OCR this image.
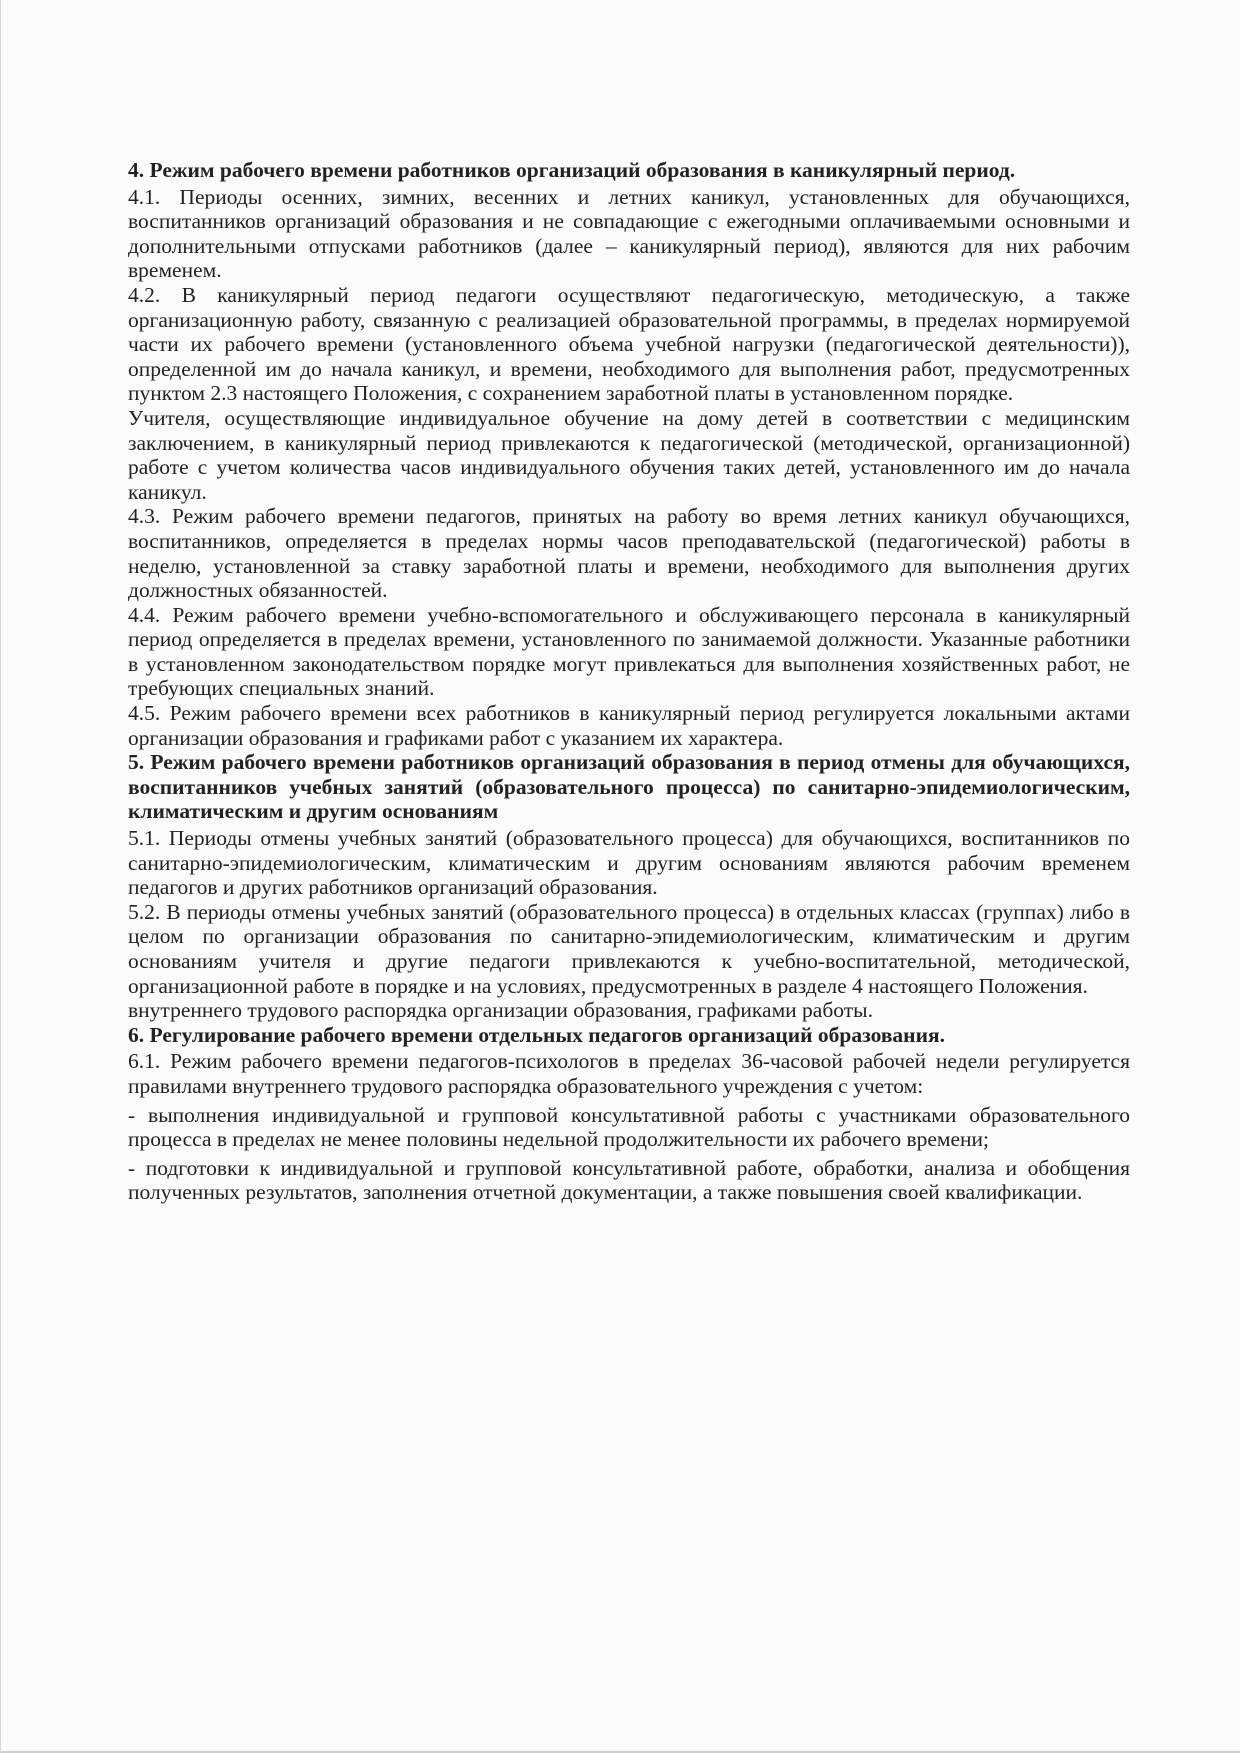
4. Режим рабочего времени работников организаций образования в каникулярный период.

4.1. Периоды осенних, зимних, весенних и летних каникул, установленных для обучающихся, воспитанников организаций образования и не совпадающие с ежегодными оплачиваемыми основными и дополнительными отпусками работников (далее – каникулярный период), являются для них рабочим временем.

4.2. В каникулярный период педагоги осуществляют педагогическую, методическую, а также организационную работу, связанную с реализацией образовательной программы, в пределах нормируемой части их рабочего времени (установленного объема учебной нагрузки (педагогической деятельности)), определенной им до начала каникул, и времени, необходимого для выполнения работ, предусмотренных пунктом 2.3 настоящего Положения, с сохранением заработной платы в установленном порядке.

Учителя, осуществляющие индивидуальное обучение на дому детей в соответствии с медицинским заключением, в каникулярный период привлекаются к педагогической (методической, организационной) работе с учетом количества часов индивидуального обучения таких детей, установленного им до начала каникул.

4.3. Режим рабочего времени педагогов, принятых на работу во время летних каникул обучающихся, воспитанников, определяется в пределах нормы часов преподавательской (педагогической) работы в неделю, установленной за ставку заработной платы и времени, необходимого для выполнения других должностных обязанностей.

4.4. Режим рабочего времени учебно-вспомогательного и обслуживающего персонала в каникулярный период определяется в пределах времени, установленного по занимаемой должности. Указанные работники в установленном законодательством порядке могут привлекаться для выполнения хозяйственных работ, не требующих специальных знаний.

4.5. Режим рабочего времени всех работников в каникулярный период регулируется локальными актами организации образования и графиками работ с указанием их характера.

5. Режим рабочего времени работников организаций образования в период отмены для обучающихся, воспитанников учебных занятий (образовательного процесса) по санитарно-эпидемиологическим, климатическим и другим основаниям

5.1. Периоды отмены учебных занятий (образовательного процесса) для обучающихся, воспитанников по санитарно-эпидемиологическим, климатическим и другим основаниям являются рабочим временем педагогов и других работников организаций образования.

5.2. В периоды отмены учебных занятий (образовательного процесса) в отдельных классах (группах) либо в целом по организации образования по санитарно-эпидемиологическим, климатическим и другим основаниям учителя и другие педагоги привлекаются к учебно-воспитательной, методической, организационной работе в порядке и на условиях, предусмотренных в разделе 4 настоящего Положения.

внутреннего трудового распорядка организации образования, графиками работы.

6. Регулирование рабочего времени отдельных педагогов организаций образования.

6.1. Режим рабочего времени педагогов-психологов в пределах 36-часовой рабочей недели регулируется правилами внутреннего трудового распорядка образовательного учреждения с учетом:

- выполнения индивидуальной и групповой консультативной работы с участниками образовательного процесса в пределах не менее половины недельной продолжительности их рабочего времени;

- подготовки к индивидуальной и групповой консультативной работе, обработки, анализа и обобщения полученных результатов, заполнения отчетной документации, а также повышения своей квалификации.
